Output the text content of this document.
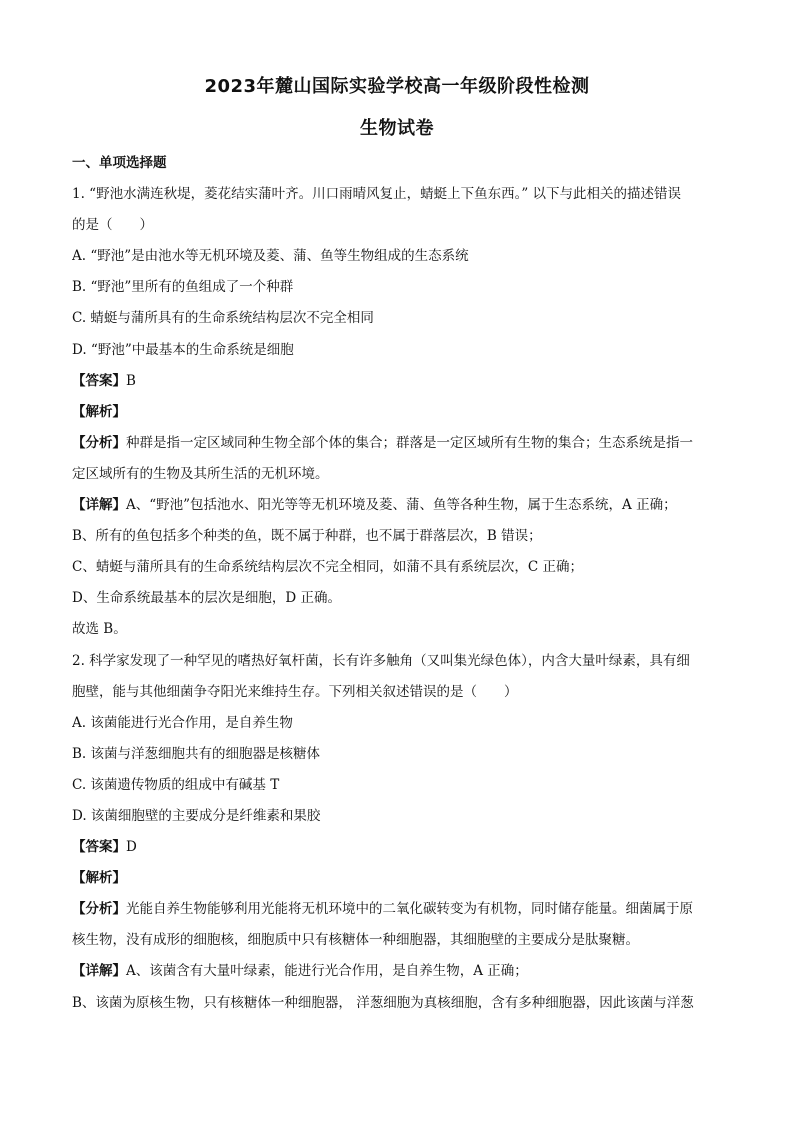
2023年麓山国际实验学校高一年级阶段性检测
生物试卷
一、单项选择题
1. “野池水满连秋堤，菱花结实蒲叶齐。川口雨晴风复止，蜻蜓上下鱼东西。” 以下与此相关的描述错误
的是（　　）
A. “野池”是由池水等无机环境及菱、蒲、鱼等生物组成的生态系统
B. “野池”里所有的鱼组成了一个种群
C. 蜻蜓与蒲所具有的生命系统结构层次不完全相同
D. “野池”中最基本的生命系统是细胞
【答案】B
【解析】
【分析】种群是指一定区域同种生物全部个体的集合；群落是一定区域所有生物的集合；生态系统是指一
定区域所有的生物及其所生活的无机环境。
【详解】A、“野池”包括池水、阳光等等无机环境及菱、蒲、鱼等各种生物，属于生态系统，A 正确；
B、所有的鱼包括多个种类的鱼，既不属于种群，也不属于群落层次，B 错误；
C、蜻蜓与蒲所具有的生命系统结构层次不完全相同，如蒲不具有系统层次，C 正确；
D、生命系统最基本的层次是细胞，D 正确。
故选 B。
2. 科学家发现了一种罕见的嗜热好氧杆菌，长有许多触角（又叫集光绿色体），内含大量叶绿素，具有细
胞壁，能与其他细菌争夺阳光来维持生存。下列相关叙述错误的是（　　）
A. 该菌能进行光合作用，是自养生物
B. 该菌与洋葱细胞共有的细胞器是核糖体
C. 该菌遗传物质的组成中有碱基 T
D. 该菌细胞壁的主要成分是纤维素和果胶
【答案】D
【解析】
【分析】光能自养生物能够利用光能将无机环境中的二氧化碳转变为有机物，同时储存能量。细菌属于原
核生物，没有成形的细胞核，细胞质中只有核糖体一种细胞器，其细胞壁的主要成分是肽聚糖。
【详解】A、该菌含有大量叶绿素，能进行光合作用，是自养生物，A 正确；
B、该菌为原核生物，只有核糖体一种细胞器， 洋葱细胞为真核细胞，含有多种细胞器，因此该菌与洋葱
